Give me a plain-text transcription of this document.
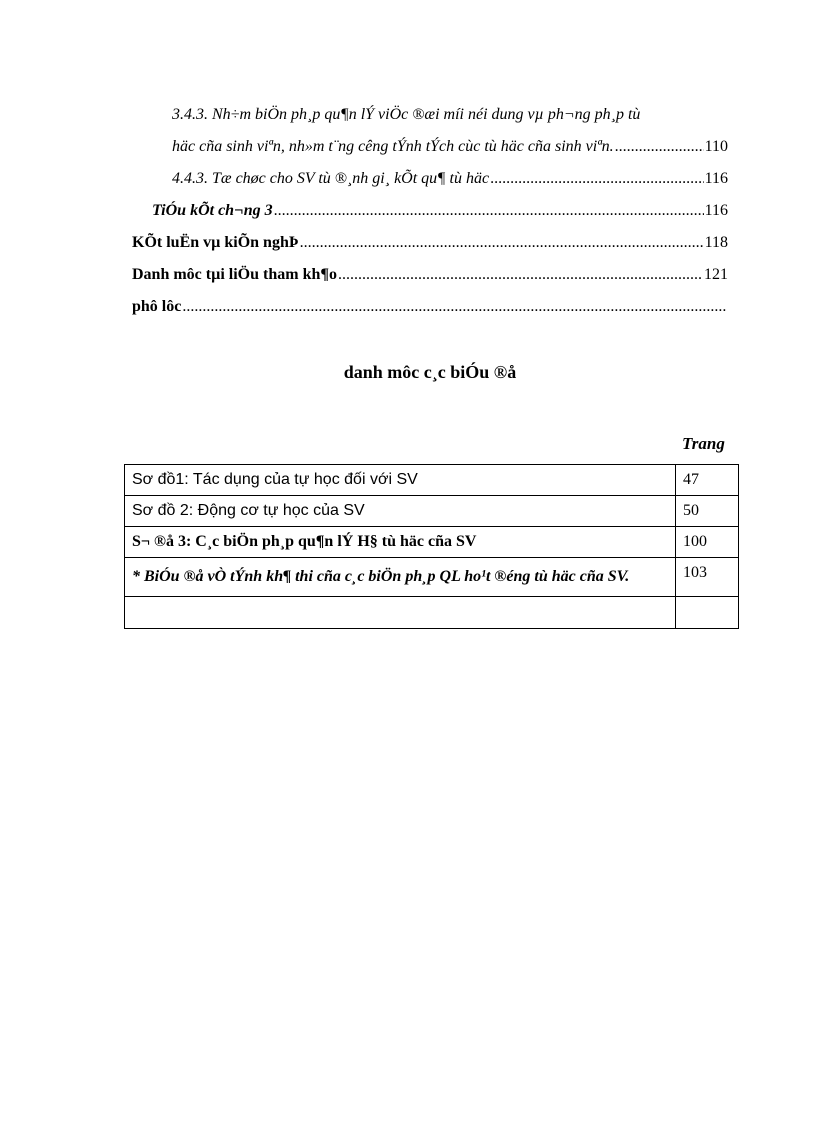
3.4.3. Nh÷m biÖn ph¸p qu¶n lÝ viÖc ®æi míi néi dung vµ ph¬ng ph¸p tù
häc cña sinh viªn, nh»m t¨ng cêng tÝnh tÝch cùc tù häc cña sinh viªn. .....	110
4.4.3. Tæ chøc cho SV tù ®¸nh gi¸ kÕt qu¶ tù häc .....	116
TiÓu kÕt ch¬ng 3 .....	116
KÕt luËn vµ kiÕn nghÞ .....	118
Danh môc tµi liÖu tham kh¶o .....	121
phô lôc
.....
danh môc c¸c biÓu ®å
Trang
Sơ đồ1: Tác dụng của tự học đối với SV	47
Sơ đồ 2: Động cơ tự học của SV	50
S¬ ®å 3: C¸c biÖn ph¸p qu¶n lÝ H§ tù häc cña SV	100
* BiÓu ®å vÒ tÝnh kh¶ thi cña c¸c biÖn ph¸p QL ho¹t ®éng tù häc cña SV.	103
